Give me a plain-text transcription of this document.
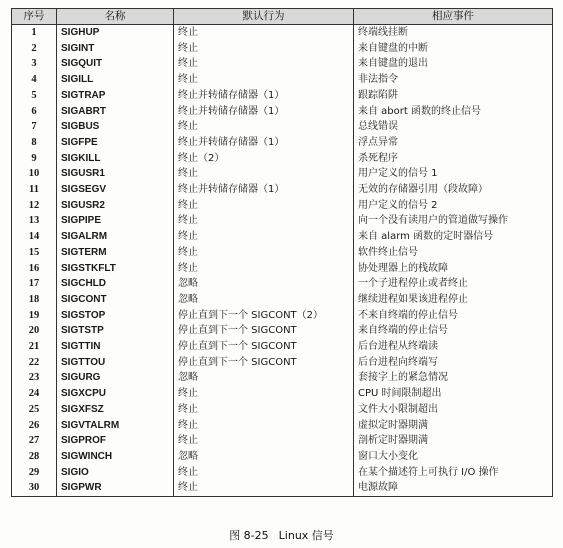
序号	名称	默认行为	相应事件
1	SIGHUP	终止	终端线挂断
2	SIGINT	终止	来自键盘的中断
3	SIGQUIT	终止	来自键盘的退出
4	SIGILL	终止	非法指令
5	SIGTRAP	终止并转储存储器（1）	跟踪陷阱
6	SIGABRT	终止并转储存储器（1）	来自 abort 函数的终止信号
7	SIGBUS	终止	总线错误
8	SIGFPE	终止并转储存储器（1）	浮点异常
9	SIGKILL	终止（2）	杀死程序
10	SIGUSR1	终止	用户定义的信号 1
11	SIGSEGV	终止并转储存储器（1）	无效的存储器引用（段故障）
12	SIGUSR2	终止	用户定义的信号 2
13	SIGPIPE	终止	向一个没有读用户的管道做写操作
14	SIGALRM	终止	来自 alarm 函数的定时器信号
15	SIGTERM	终止	软件终止信号
16	SIGSTKFLT	终止	协处理器上的栈故障
17	SIGCHLD	忽略	一个子进程停止或者终止
18	SIGCONT	忽略	继续进程如果该进程停止
19	SIGSTOP	停止直到下一个 SIGCONT（2）	不来自终端的停止信号
20	SIGTSTP	停止直到下一个 SIGCONT	来自终端的停止信号
21	SIGTTIN	停止直到下一个 SIGCONT	后台进程从终端读
22	SIGTTOU	停止直到下一个 SIGCONT	后台进程向终端写
23	SIGURG	忽略	套接字上的紧急情况
24	SIGXCPU	终止	CPU 时间限制超出
25	SIGXFSZ	终止	文件大小限制超出
26	SIGVTALRM	终止	虚拟定时器期满
27	SIGPROF	终止	剖析定时器期满
28	SIGWINCH	忽略	窗口大小变化
29	SIGIO	终止	在某个描述符上可执行 I/O 操作
30	SIGPWR	终止	电源故障
图 8-25 Linux 信号
